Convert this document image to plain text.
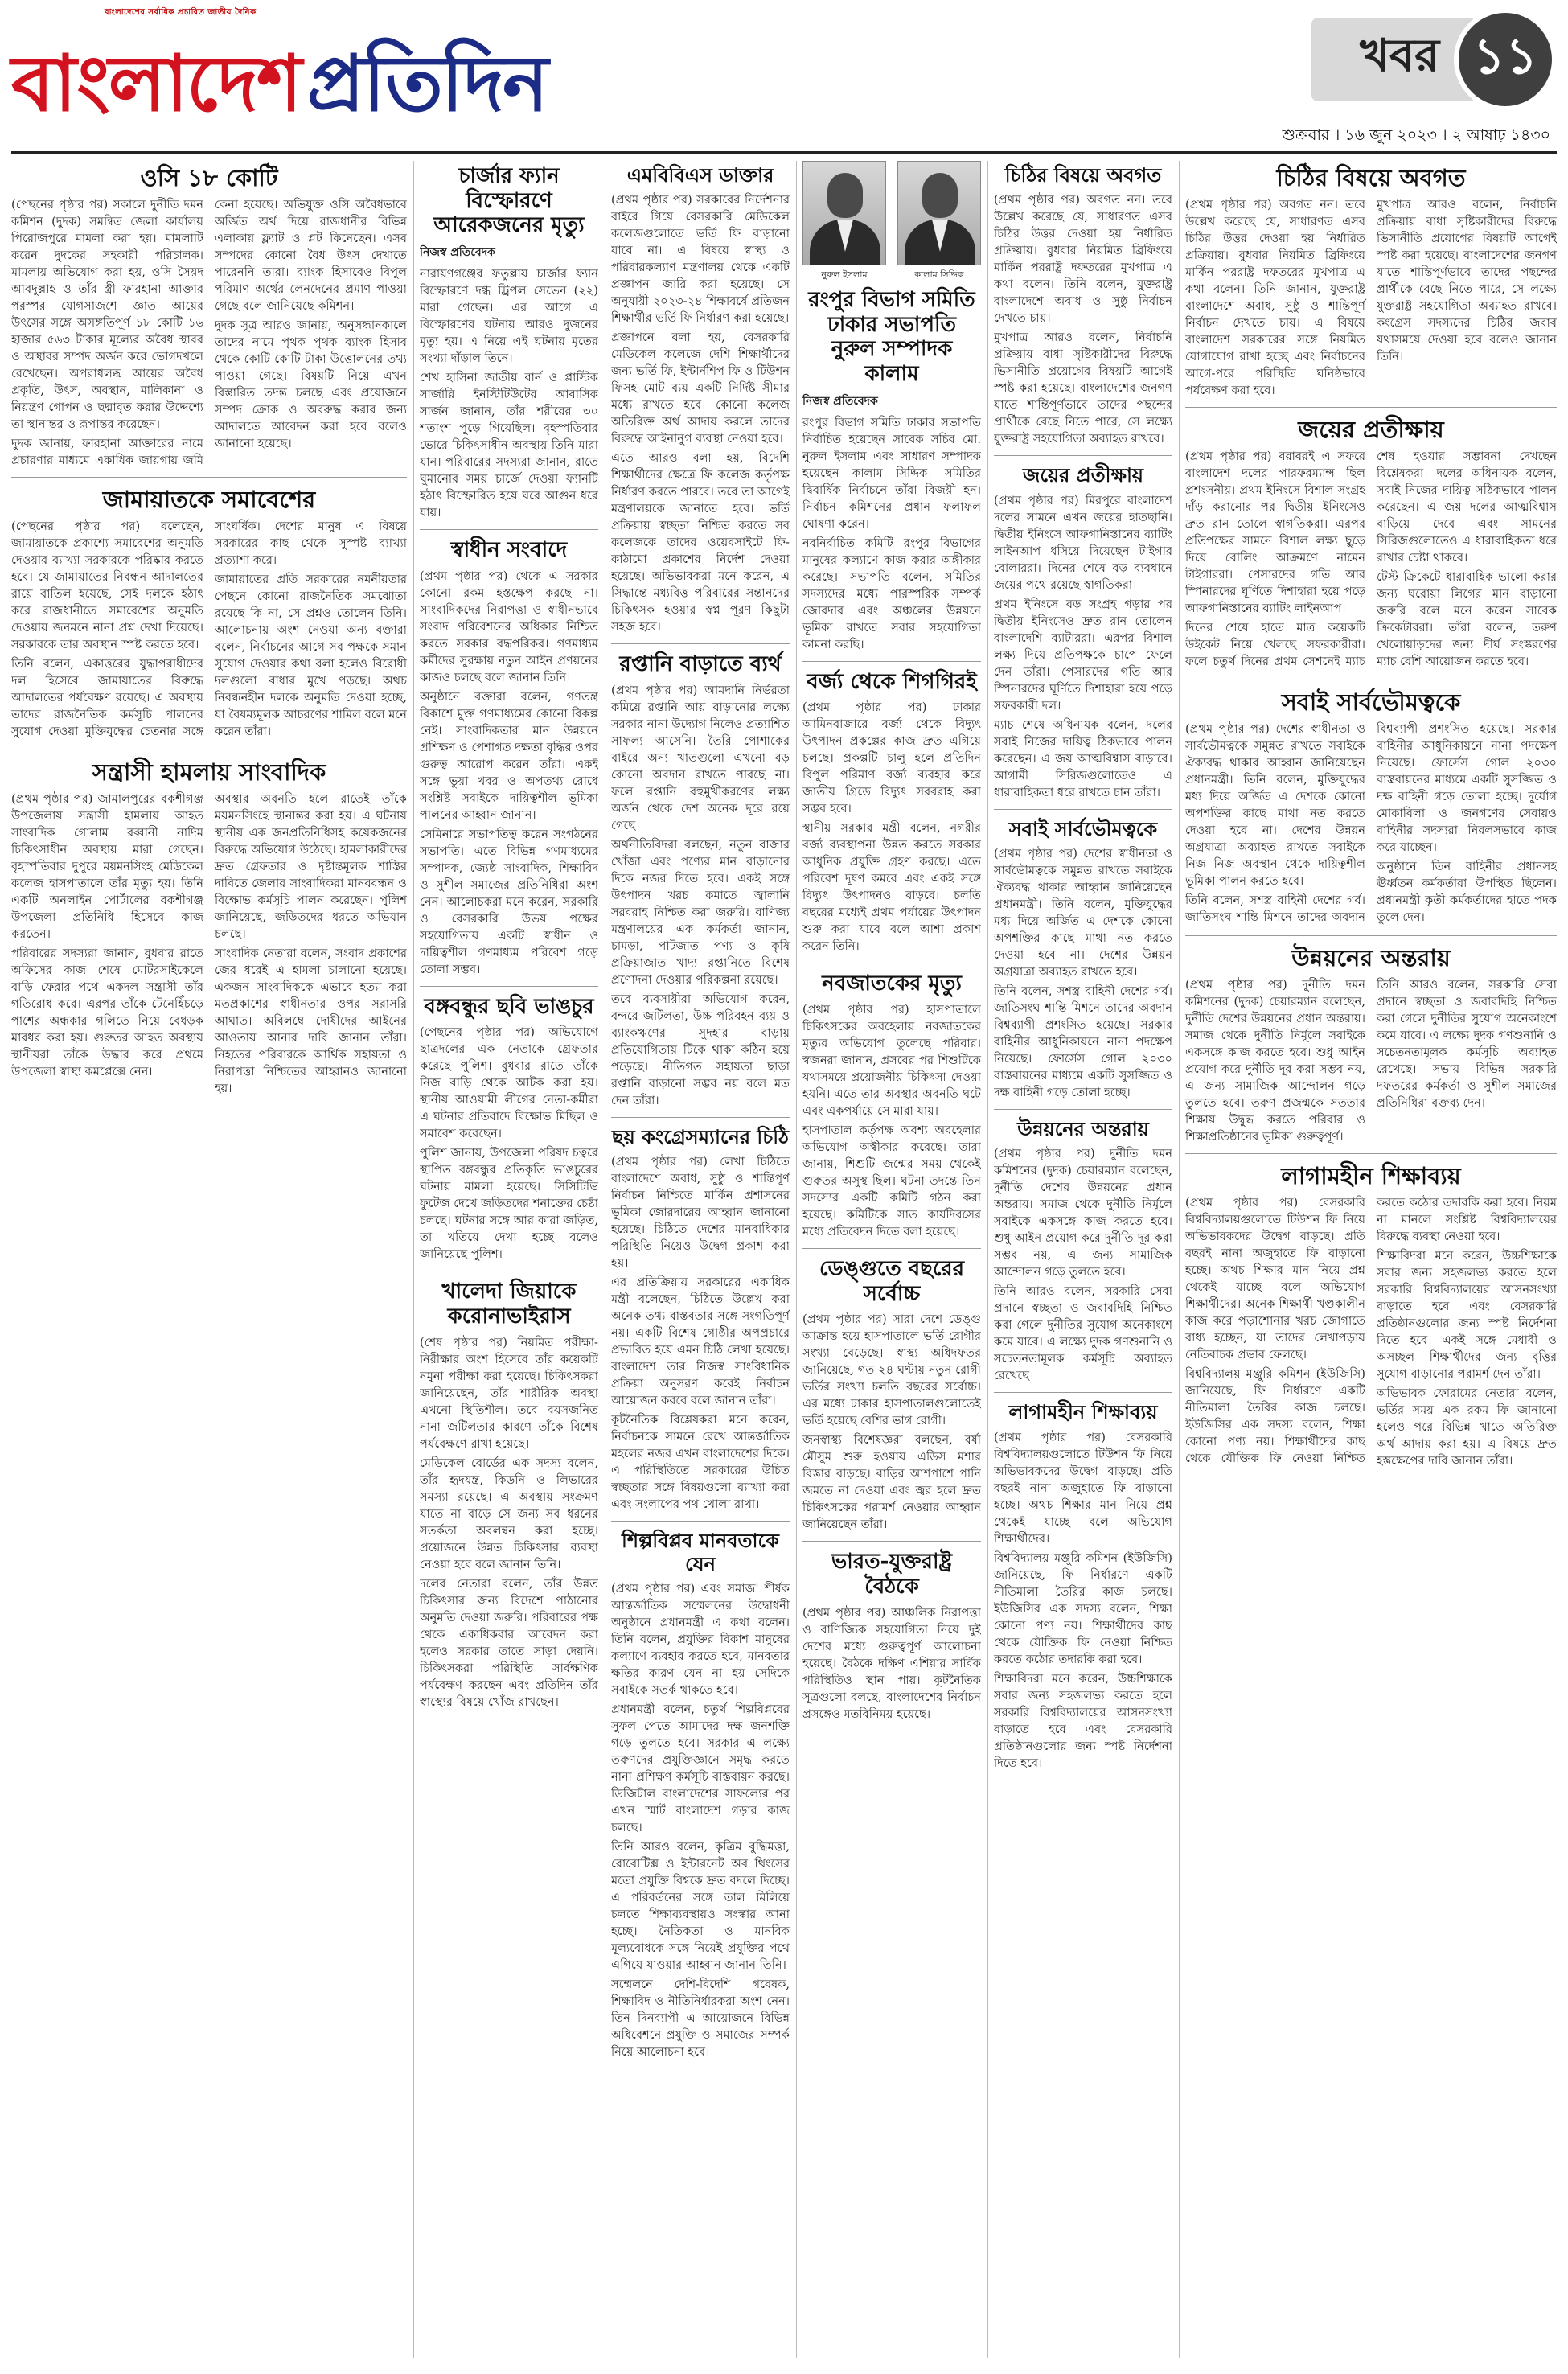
বাংলাদেশের সর্বাধিক প্রচারিত জাতীয় দৈনিক
বাংলাদেশ প্রতিদিন	খবর ১১
শুক্রবার । ১৬ জুন ২০২৩ । ২ আষাঢ় ১৪৩০
ওসি ১৮ কোটি

(পেছনের পৃষ্ঠার পর) সকালে দুর্নীতি দমন কমিশন (দুদক) সমন্বিত জেলা কার্যালয় পিরোজপুরে মামলা করা হয়। মামলাটি করেন দুদকের সহকারী পরিচালক। মামলায় অভিযোগ করা হয়, ওসি সৈয়দ আবদুল্লাহ ও তাঁর স্ত্রী ফারহানা আক্তার পরস্পর যোগসাজশে জ্ঞাত আয়ের উৎসের সঙ্গে অসঙ্গতিপূর্ণ ১৮ কোটি ১৬ হাজার ৫৬৩ টাকার মূল্যের অবৈধ স্থাবর ও অস্থাবর সম্পদ অর্জন করে ভোগদখলে রেখেছেন। অপরাধলব্ধ আয়ের অবৈধ প্রকৃতি, উৎস, অবস্থান, মালিকানা ও নিয়ন্ত্রণ গোপন ও ছদ্মাবৃত করার উদ্দেশ্যে তা স্থানান্তর ও রূপান্তর করেছেন।

দুদক জানায়, ফারহানা আক্তারের নামে প্রচারণার মাধ্যমে একাধিক জায়গায় জমি কেনা হয়েছে। অভিযুক্ত ওসি অবৈধভাবে অর্জিত অর্থ দিয়ে রাজধানীর বিভিন্ন এলাকায় ফ্ল্যাট ও প্লট কিনেছেন। এসব সম্পদের কোনো বৈধ উৎস দেখাতে পারেননি তারা। ব্যাংক হিসাবেও বিপুল পরিমাণ অর্থের লেনদেনের প্রমাণ পাওয়া গেছে বলে জানিয়েছে কমিশন।

দুদক সূত্র আরও জানায়, অনুসন্ধানকালে তাদের নামে পৃথক পৃথক ব্যাংক হিসাব থেকে কোটি কোটি টাকা উত্তোলনের তথ্য পাওয়া গেছে। বিষয়টি নিয়ে এখন বিস্তারিত তদন্ত চলছে এবং প্রয়োজনে সম্পদ ক্রোক ও অবরুদ্ধ করার জন্য আদালতে আবেদন করা হবে বলেও জানানো হয়েছে।

জামায়াতকে সমাবেশের

(পেছনের পৃষ্ঠার পর) বলেছেন, জামায়াতকে প্রকাশ্যে সমাবেশের অনুমতি দেওয়ার ব্যাখ্যা সরকারকে পরিষ্কার করতে হবে। যে জামায়াতের নিবন্ধন আদালতের রায়ে বাতিল হয়েছে, সেই দলকে হঠাৎ করে রাজধানীতে সমাবেশের অনুমতি দেওয়ায় জনমনে নানা প্রশ্ন দেখা দিয়েছে। সরকারকে তার অবস্থান স্পষ্ট করতে হবে।

তিনি বলেন, একাত্তরের যুদ্ধাপরাধীদের দল হিসেবে জামায়াতের বিরুদ্ধে আদালতের পর্যবেক্ষণ রয়েছে। এ অবস্থায় তাদের রাজনৈতিক কর্মসূচি পালনের সুযোগ দেওয়া মুক্তিযুদ্ধের চেতনার সঙ্গে সাংঘর্ষিক। দেশের মানুষ এ বিষয়ে সরকারের কাছ থেকে সুস্পষ্ট ব্যাখ্যা প্রত্যাশা করে।

জামায়াতের প্রতি সরকারের নমনীয়তার পেছনে কোনো রাজনৈতিক সমঝোতা রয়েছে কি না, সে প্রশ্নও তোলেন তিনি। আলোচনায় অংশ নেওয়া অন্য বক্তারা বলেন, নির্বাচনের আগে সব পক্ষকে সমান সুযোগ দেওয়ার কথা বলা হলেও বিরোধী দলগুলো বাধার মুখে পড়ছে। অথচ নিবন্ধনহীন দলকে অনুমতি দেওয়া হচ্ছে, যা বৈষম্যমূলক আচরণের শামিল বলে মনে করেন তাঁরা।

সন্ত্রাসী হামলায় সাংবাদিক

(প্রথম পৃষ্ঠার পর) জামালপুরের বকশীগঞ্জ উপজেলায় সন্ত্রাসী হামলায় আহত সাংবাদিক গোলাম রব্বানী নাদিম চিকিৎসাধীন অবস্থায় মারা গেছেন। বৃহস্পতিবার দুপুরে ময়মনসিংহ মেডিকেল কলেজ হাসপাতালে তাঁর মৃত্যু হয়। তিনি একটি অনলাইন পোর্টালের বকশীগঞ্জ উপজেলা প্রতিনিধি হিসেবে কাজ করতেন।

পরিবারের সদস্যরা জানান, বুধবার রাতে অফিসের কাজ শেষে মোটরসাইকেলে বাড়ি ফেরার পথে একদল সন্ত্রাসী তাঁর গতিরোধ করে। এরপর তাঁকে টেনেহিঁচড়ে পাশের অন্ধকার গলিতে নিয়ে বেধড়ক মারধর করা হয়। গুরুতর আহত অবস্থায় স্থানীয়রা তাঁকে উদ্ধার করে প্রথমে উপজেলা স্বাস্থ্য কমপ্লেক্সে নেন।

অবস্থার অবনতি হলে রাতেই তাঁকে ময়মনসিংহে স্থানান্তর করা হয়। এ ঘটনায় স্থানীয় এক জনপ্রতিনিধিসহ কয়েকজনের বিরুদ্ধে অভিযোগ উঠেছে। হামলাকারীদের দ্রুত গ্রেফতার ও দৃষ্টান্তমূলক শাস্তির দাবিতে জেলার সাংবাদিকরা মানববন্ধন ও বিক্ষোভ কর্মসূচি পালন করেছেন। পুলিশ জানিয়েছে, জড়িতদের ধরতে অভিযান চলছে।

সাংবাদিক নেতারা বলেন, সংবাদ প্রকাশের জের ধরেই এ হামলা চালানো হয়েছে। একজন সাংবাদিককে এভাবে হত্যা করা মতপ্রকাশের স্বাধীনতার ওপর সরাসরি আঘাত। অবিলম্বে দোষীদের আইনের আওতায় আনার দাবি জানান তাঁরা। নিহতের পরিবারকে আর্থিক সহায়তা ও নিরাপত্তা নিশ্চিতের আহ্বানও জানানো হয়।

চার্জার ফ্যান বিস্ফোরণে আরেকজনের মৃত্যু
নিজস্ব প্রতিবেদক

নারায়ণগঞ্জের ফতুল্লায় চার্জার ফ্যান বিস্ফোরণে দগ্ধ ট্রিপল সেভেন (২২) মারা গেছেন। এর আগে এ বিস্ফোরণের ঘটনায় আরও দুজনের মৃত্যু হয়। এ নিয়ে এই ঘটনায় মৃতের সংখ্যা দাঁড়াল তিনে।

শেখ হাসিনা জাতীয় বার্ন ও প্লাস্টিক সার্জারি ইনস্টিটিউটের আবাসিক সার্জন জানান, তাঁর শরীরের ৩০ শতাংশ পুড়ে গিয়েছিল। বৃহস্পতিবার ভোরে চিকিৎসাধীন অবস্থায় তিনি মারা যান। পরিবারের সদস্যরা জানান, রাতে ঘুমানোর সময় চার্জে দেওয়া ফ্যানটি হঠাৎ বিস্ফোরিত হয়ে ঘরে আগুন ধরে যায়।

স্বাধীন সংবাদে

(প্রথম পৃষ্ঠার পর) থেকে এ সরকার কোনো রকম হস্তক্ষেপ করছে না। সাংবাদিকদের নিরাপত্তা ও স্বাধীনভাবে সংবাদ পরিবেশনের অধিকার নিশ্চিত করতে সরকার বদ্ধপরিকর। গণমাধ্যম কর্মীদের সুরক্ষায় নতুন আইন প্রণয়নের কাজও চলছে বলে জানান তিনি।

অনুষ্ঠানে বক্তারা বলেন, গণতন্ত্র বিকাশে মুক্ত গণমাধ্যমের কোনো বিকল্প নেই। সাংবাদিকতার মান উন্নয়নে প্রশিক্ষণ ও পেশাগত দক্ষতা বৃদ্ধির ওপর গুরুত্ব আরোপ করেন তাঁরা। একই সঙ্গে ভুয়া খবর ও অপতথ্য রোধে সংশ্লিষ্ট সবাইকে দায়িত্বশীল ভূমিকা পালনের আহ্বান জানান।

সেমিনারে সভাপতিত্ব করেন সংগঠনের সভাপতি। এতে বিভিন্ন গণমাধ্যমের সম্পাদক, জ্যেষ্ঠ সাংবাদিক, শিক্ষাবিদ ও সুশীল সমাজের প্রতিনিধিরা অংশ নেন। আলোচকরা মনে করেন, সরকারি ও বেসরকারি উভয় পক্ষের সহযোগিতায় একটি স্বাধীন ও দায়িত্বশীল গণমাধ্যম পরিবেশ গড়ে তোলা সম্ভব।

বঙ্গবন্ধুর ছবি ভাঙচুর

(পেছনের পৃষ্ঠার পর) অভিযোগে ছাত্রদলের এক নেতাকে গ্রেফতার করেছে পুলিশ। বুধবার রাতে তাঁকে নিজ বাড়ি থেকে আটক করা হয়। স্থানীয় আওয়ামী লীগের নেতা-কর্মীরা এ ঘটনার প্রতিবাদে বিক্ষোভ মিছিল ও সমাবেশ করেছেন।

পুলিশ জানায়, উপজেলা পরিষদ চত্বরে স্থাপিত বঙ্গবন্ধুর প্রতিকৃতি ভাঙচুরের ঘটনায় মামলা হয়েছে। সিসিটিভি ফুটেজ দেখে জড়িতদের শনাক্তের চেষ্টা চলছে। ঘটনার সঙ্গে আর কারা জড়িত, তা খতিয়ে দেখা হচ্ছে বলেও জানিয়েছে পুলিশ।

খালেদা জিয়াকে করোনাভাইরাস

(শেষ পৃষ্ঠার পর) নিয়মিত পরীক্ষা-নিরীক্ষার অংশ হিসেবে তাঁর কয়েকটি নমুনা পরীক্ষা করা হয়েছে। চিকিৎসকরা জানিয়েছেন, তাঁর শারীরিক অবস্থা এখনো স্থিতিশীল। তবে বয়সজনিত নানা জটিলতার কারণে তাঁকে বিশেষ পর্যবেক্ষণে রাখা হয়েছে।

মেডিকেল বোর্ডের এক সদস্য বলেন, তাঁর হৃদযন্ত্র, কিডনি ও লিভারের সমস্যা রয়েছে। এ অবস্থায় সংক্রমণ যাতে না বাড়ে সে জন্য সব ধরনের সতর্কতা অবলম্বন করা হচ্ছে। প্রয়োজনে উন্নত চিকিৎসার ব্যবস্থা নেওয়া হবে বলে জানান তিনি।

দলের নেতারা বলেন, তাঁর উন্নত চিকিৎসার জন্য বিদেশে পাঠানোর অনুমতি দেওয়া জরুরি। পরিবারের পক্ষ থেকে একাধিকবার আবেদন করা হলেও সরকার তাতে সাড়া দেয়নি। চিকিৎসকরা পরিস্থিতি সার্বক্ষণিক পর্যবেক্ষণ করছেন এবং প্রতিদিন তাঁর স্বাস্থ্যের বিষয়ে খোঁজ রাখছেন।

এমবিবিএস ডাক্তার

(প্রথম পৃষ্ঠার পর) সরকারের নির্দেশনার বাইরে গিয়ে বেসরকারি মেডিকেল কলেজগুলোতে ভর্তি ফি বাড়ানো যাবে না। এ বিষয়ে স্বাস্থ্য ও পরিবারকল্যাণ মন্ত্রণালয় থেকে একটি প্রজ্ঞাপন জারি করা হয়েছে। সে অনুযায়ী ২০২৩-২৪ শিক্ষাবর্ষে প্রতিজন শিক্ষার্থীর ভর্তি ফি নির্ধারণ করা হয়েছে।

প্রজ্ঞাপনে বলা হয়, বেসরকারি মেডিকেল কলেজে দেশি শিক্ষার্থীদের জন্য ভর্তি ফি, ইন্টার্নশিপ ফি ও টিউশন ফিসহ মোট ব্যয় একটি নির্দিষ্ট সীমার মধ্যে রাখতে হবে। কোনো কলেজ অতিরিক্ত অর্থ আদায় করলে তাদের বিরুদ্ধে আইনানুগ ব্যবস্থা নেওয়া হবে।

এতে আরও বলা হয়, বিদেশি শিক্ষার্থীদের ক্ষেত্রে ফি কলেজ কর্তৃপক্ষ নির্ধারণ করতে পারবে। তবে তা আগেই মন্ত্রণালয়কে জানাতে হবে। ভর্তি প্রক্রিয়ায় স্বচ্ছতা নিশ্চিত করতে সব কলেজকে তাদের ওয়েবসাইটে ফি-কাঠামো প্রকাশের নির্দেশ দেওয়া হয়েছে। অভিভাবকরা মনে করেন, এ সিদ্ধান্তে মধ্যবিত্ত পরিবারের সন্তানদের চিকিৎসক হওয়ার স্বপ্ন পূরণ কিছুটা সহজ হবে।

রপ্তানি বাড়াতে ব্যর্থ

(প্রথম পৃষ্ঠার পর) আমদানি নির্ভরতা কমিয়ে রপ্তানি আয় বাড়ানোর লক্ষ্যে সরকার নানা উদ্যোগ নিলেও প্রত্যাশিত সাফল্য আসেনি। তৈরি পোশাকের বাইরে অন্য খাতগুলো এখনো বড় কোনো অবদান রাখতে পারছে না। ফলে রপ্তানি বহুমুখীকরণের লক্ষ্য অর্জন থেকে দেশ অনেক দূরে রয়ে গেছে।

অর্থনীতিবিদরা বলছেন, নতুন বাজার খোঁজা এবং পণ্যের মান বাড়ানোর দিকে নজর দিতে হবে। একই সঙ্গে উৎপাদন খরচ কমাতে জ্বালানি সরবরাহ নিশ্চিত করা জরুরি। বাণিজ্য মন্ত্রণালয়ের এক কর্মকর্তা জানান, চামড়া, পাটজাত পণ্য ও কৃষি প্রক্রিয়াজাত খাদ্য রপ্তানিতে বিশেষ প্রণোদনা দেওয়ার পরিকল্পনা রয়েছে।

তবে ব্যবসায়ীরা অভিযোগ করেন, বন্দরে জটিলতা, উচ্চ পরিবহন ব্যয় ও ব্যাংকঋণের সুদহার বাড়ায় প্রতিযোগিতায় টিকে থাকা কঠিন হয়ে পড়েছে। নীতিগত সহায়তা ছাড়া রপ্তানি বাড়ানো সম্ভব নয় বলে মত দেন তাঁরা।

ছয় কংগ্রেসম্যানের চিঠি

(প্রথম পৃষ্ঠার পর) লেখা চিঠিতে বাংলাদেশে অবাধ, সুষ্ঠু ও শান্তিপূর্ণ নির্বাচন নিশ্চিতে মার্কিন প্রশাসনের ভূমিকা জোরদারের আহ্বান জানানো হয়েছে। চিঠিতে দেশের মানবাধিকার পরিস্থিতি নিয়েও উদ্বেগ প্রকাশ করা হয়।

এর প্রতিক্রিয়ায় সরকারের একাধিক মন্ত্রী বলেছেন, চিঠিতে উল্লেখ করা অনেক তথ্য বাস্তবতার সঙ্গে সংগতিপূর্ণ নয়। একটি বিশেষ গোষ্ঠীর অপপ্রচারে প্রভাবিত হয়ে এমন চিঠি লেখা হয়েছে। বাংলাদেশ তার নিজস্ব সাংবিধানিক প্রক্রিয়া অনুসরণ করেই নির্বাচন আয়োজন করবে বলে জানান তাঁরা।

কূটনৈতিক বিশ্লেষকরা মনে করেন, নির্বাচনকে সামনে রেখে আন্তর্জাতিক মহলের নজর এখন বাংলাদেশের দিকে। এ পরিস্থিতিতে সরকারের উচিত স্বচ্ছতার সঙ্গে বিষয়গুলো ব্যাখ্যা করা এবং সংলাপের পথ খোলা রাখা।

শিল্পবিপ্লব মানবতাকে যেন

(প্রথম পৃষ্ঠার পর) এবং সমাজ' শীর্ষক আন্তর্জাতিক সম্মেলনের উদ্বোধনী অনুষ্ঠানে প্রধানমন্ত্রী এ কথা বলেন। তিনি বলেন, প্রযুক্তির বিকাশ মানুষের কল্যাণে ব্যবহার করতে হবে, মানবতার ক্ষতির কারণ যেন না হয় সেদিকে সবাইকে সতর্ক থাকতে হবে।

প্রধানমন্ত্রী বলেন, চতুর্থ শিল্পবিপ্লবের সুফল পেতে আমাদের দক্ষ জনশক্তি গড়ে তুলতে হবে। সরকার এ লক্ষ্যে তরুণদের প্রযুক্তিজ্ঞানে সমৃদ্ধ করতে নানা প্রশিক্ষণ কর্মসূচি বাস্তবায়ন করছে। ডিজিটাল বাংলাদেশের সাফল্যের পর এখন স্মার্ট বাংলাদেশ গড়ার কাজ চলছে।

তিনি আরও বলেন, কৃত্রিম বুদ্ধিমত্তা, রোবোটিক্স ও ইন্টারনেট অব থিংসের মতো প্রযুক্তি বিশ্বকে দ্রুত বদলে দিচ্ছে। এ পরিবর্তনের সঙ্গে তাল মিলিয়ে চলতে শিক্ষাব্যবস্থায়ও সংস্কার আনা হচ্ছে। নৈতিকতা ও মানবিক মূল্যবোধকে সঙ্গে নিয়েই প্রযুক্তির পথে এগিয়ে যাওয়ার আহ্বান জানান তিনি।

সম্মেলনে দেশি-বিদেশি গবেষক, শিক্ষাবিদ ও নীতিনির্ধারকরা অংশ নেন। তিন দিনব্যাপী এ আয়োজনে বিভিন্ন অধিবেশনে প্রযুক্তি ও সমাজের সম্পর্ক নিয়ে আলোচনা হবে।

নুরুল ইসলাম	কালাম সিদ্দিক
রংপুর বিভাগ সমিতি ঢাকার সভাপতি নুরুল সম্পাদক কালাম
নিজস্ব প্রতিবেদক

রংপুর বিভাগ সমিতি ঢাকার সভাপতি নির্বাচিত হয়েছেন সাবেক সচিব মো. নুরুল ইসলাম এবং সাধারণ সম্পাদক হয়েছেন কালাম সিদ্দিক। সমিতির দ্বিবার্ষিক নির্বাচনে তাঁরা বিজয়ী হন। নির্বাচন কমিশনের প্রধান ফলাফল ঘোষণা করেন।

নবনির্বাচিত কমিটি রংপুর বিভাগের মানুষের কল্যাণে কাজ করার অঙ্গীকার করেছে। সভাপতি বলেন, সমিতির সদস্যদের মধ্যে পারস্পরিক সম্পর্ক জোরদার এবং অঞ্চলের উন্নয়নে ভূমিকা রাখতে সবার সহযোগিতা কামনা করছি।

বর্জ্য থেকে শিগগিরই

(প্রথম পৃষ্ঠার পর) ঢাকার আমিনবাজারে বর্জ্য থেকে বিদ্যুৎ উৎপাদন প্রকল্পের কাজ দ্রুত এগিয়ে চলছে। প্রকল্পটি চালু হলে প্রতিদিন বিপুল পরিমাণ বর্জ্য ব্যবহার করে জাতীয় গ্রিডে বিদ্যুৎ সরবরাহ করা সম্ভব হবে।

স্থানীয় সরকার মন্ত্রী বলেন, নগরীর বর্জ্য ব্যবস্থাপনা উন্নত করতে সরকার আধুনিক প্রযুক্তি গ্রহণ করছে। এতে পরিবেশ দূষণ কমবে এবং একই সঙ্গে বিদ্যুৎ উৎপাদনও বাড়বে। চলতি বছরের মধ্যেই প্রথম পর্যায়ের উৎপাদন শুরু করা যাবে বলে আশা প্রকাশ করেন তিনি।

নবজাতকের মৃত্যু

(প্রথম পৃষ্ঠার পর) হাসপাতালে চিকিৎসকের অবহেলায় নবজাতকের মৃত্যুর অভিযোগ তুলেছে পরিবার। স্বজনরা জানান, প্রসবের পর শিশুটিকে যথাসময়ে প্রয়োজনীয় চিকিৎসা দেওয়া হয়নি। এতে তার অবস্থার অবনতি ঘটে এবং একপর্যায়ে সে মারা যায়।

হাসপাতাল কর্তৃপক্ষ অবশ্য অবহেলার অভিযোগ অস্বীকার করেছে। তারা জানায়, শিশুটি জন্মের সময় থেকেই গুরুতর অসুস্থ ছিল। ঘটনা তদন্তে তিন সদস্যের একটি কমিটি গঠন করা হয়েছে। কমিটিকে সাত কার্যদিবসের মধ্যে প্রতিবেদন দিতে বলা হয়েছে।

ডেঙ্গুতে বছরের সর্বোচ্চ

(প্রথম পৃষ্ঠার পর) সারা দেশে ডেঙ্গু আক্রান্ত হয়ে হাসপাতালে ভর্তি রোগীর সংখ্যা বেড়েছে। স্বাস্থ্য অধিদফতর জানিয়েছে, গত ২৪ ঘণ্টায় নতুন রোগী ভর্তির সংখ্যা চলতি বছরের সর্বোচ্চ। এর মধ্যে ঢাকার হাসপাতালগুলোতেই ভর্তি হয়েছে বেশির ভাগ রোগী।

জনস্বাস্থ্য বিশেষজ্ঞরা বলছেন, বর্ষা মৌসুম শুরু হওয়ায় এডিস মশার বিস্তার বাড়ছে। বাড়ির আশপাশে পানি জমতে না দেওয়া এবং জ্বর হলে দ্রুত চিকিৎসকের পরামর্শ নেওয়ার আহ্বান জানিয়েছেন তাঁরা।

ভারত-যুক্তরাষ্ট্র বৈঠকে

(প্রথম পৃষ্ঠার পর) আঞ্চলিক নিরাপত্তা ও বাণিজ্যিক সহযোগিতা নিয়ে দুই দেশের মধ্যে গুরুত্বপূর্ণ আলোচনা হয়েছে। বৈঠকে দক্ষিণ এশিয়ার সার্বিক পরিস্থিতিও স্থান পায়। কূটনৈতিক সূত্রগুলো বলছে, বাংলাদেশের নির্বাচন প্রসঙ্গেও মতবিনিময় হয়েছে।

চিঠির বিষয়ে অবগত

(প্রথম পৃষ্ঠার পর) অবগত নন। তবে উল্লেখ করেছে যে, সাধারণত এসব চিঠির উত্তর দেওয়া হয় নির্ধারিত প্রক্রিয়ায়। বুধবার নিয়মিত ব্রিফিংয়ে মার্কিন পররাষ্ট্র দফতরের মুখপাত্র এ কথা বলেন। তিনি বলেন, যুক্তরাষ্ট্র বাংলাদেশে অবাধ ও সুষ্ঠু নির্বাচন দেখতে চায়।

মুখপাত্র আরও বলেন, নির্বাচনি প্রক্রিয়ায় বাধা সৃষ্টিকারীদের বিরুদ্ধে ভিসানীতি প্রয়োগের বিষয়টি আগেই স্পষ্ট করা হয়েছে। বাংলাদেশের জনগণ যাতে শান্তিপূর্ণভাবে তাদের পছন্দের প্রার্থীকে বেছে নিতে পারে, সে লক্ষ্যে যুক্তরাষ্ট্র সহযোগিতা অব্যাহত রাখবে।

জয়ের প্রতীক্ষায়

(প্রথম পৃষ্ঠার পর) মিরপুরে বাংলাদেশ দলের সামনে এখন জয়ের হাতছানি। দ্বিতীয় ইনিংসে আফগানিস্তানের ব্যাটিং লাইনআপ ধসিয়ে দিয়েছেন টাইগার বোলাররা। দিনের শেষে বড় ব্যবধানে জয়ের পথে রয়েছে স্বাগতিকরা।

প্রথম ইনিংসে বড় সংগ্রহ গড়ার পর দ্বিতীয় ইনিংসেও দ্রুত রান তোলেন বাংলাদেশি ব্যাটাররা। এরপর বিশাল লক্ষ্য দিয়ে প্রতিপক্ষকে চাপে ফেলে দেন তাঁরা। পেসারদের গতি আর স্পিনারদের ঘূর্ণিতে দিশাহারা হয়ে পড়ে সফরকারী দল।

ম্যাচ শেষে অধিনায়ক বলেন, দলের সবাই নিজের দায়িত্ব ঠিকভাবে পালন করেছেন। এ জয় আত্মবিশ্বাস বাড়াবে। আগামী সিরিজগুলোতেও এ ধারাবাহিকতা ধরে রাখতে চান তাঁরা।

সবাই সার্বভৌমত্বকে

(প্রথম পৃষ্ঠার পর) দেশের স্বাধীনতা ও সার্বভৌমত্বকে সমুন্নত রাখতে সবাইকে ঐক্যবদ্ধ থাকার আহ্বান জানিয়েছেন প্রধানমন্ত্রী। তিনি বলেন, মুক্তিযুদ্ধের মধ্য দিয়ে অর্জিত এ দেশকে কোনো অপশক্তির কাছে মাথা নত করতে দেওয়া হবে না। দেশের উন্নয়ন অগ্রযাত্রা অব্যাহত রাখতে হবে।

তিনি বলেন, সশস্ত্র বাহিনী দেশের গর্ব। জাতিসংঘ শান্তি মিশনে তাদের অবদান বিশ্বব্যাপী প্রশংসিত হয়েছে। সরকার বাহিনীর আধুনিকায়নে নানা পদক্ষেপ নিয়েছে। ফোর্সেস গোল ২০৩০ বাস্তবায়নের মাধ্যমে একটি সুসজ্জিত ও দক্ষ বাহিনী গড়ে তোলা হচ্ছে।

উন্নয়নের অন্তরায়

(প্রথম পৃষ্ঠার পর) দুর্নীতি দমন কমিশনের (দুদক) চেয়ারম্যান বলেছেন, দুর্নীতি দেশের উন্নয়নের প্রধান অন্তরায়। সমাজ থেকে দুর্নীতি নির্মূলে সবাইকে একসঙ্গে কাজ করতে হবে। শুধু আইন প্রয়োগ করে দুর্নীতি দূর করা সম্ভব নয়, এ জন্য সামাজিক আন্দোলন গড়ে তুলতে হবে।

তিনি আরও বলেন, সরকারি সেবা প্রদানে স্বচ্ছতা ও জবাবদিহি নিশ্চিত করা গেলে দুর্নীতির সুযোগ অনেকাংশে কমে যাবে। এ লক্ষ্যে দুদক গণশুনানি ও সচেতনতামূলক কর্মসূচি অব্যাহত রেখেছে।

লাগামহীন শিক্ষাব্যয়

(প্রথম পৃষ্ঠার পর) বেসরকারি বিশ্ববিদ্যালয়গুলোতে টিউশন ফি নিয়ে অভিভাবকদের উদ্বেগ বাড়ছে। প্রতি বছরই নানা অজুহাতে ফি বাড়ানো হচ্ছে। অথচ শিক্ষার মান নিয়ে প্রশ্ন থেকেই যাচ্ছে বলে অভিযোগ শিক্ষার্থীদের।

বিশ্ববিদ্যালয় মঞ্জুরি কমিশন (ইউজিসি) জানিয়েছে, ফি নির্ধারণে একটি নীতিমালা তৈরির কাজ চলছে। ইউজিসির এক সদস্য বলেন, শিক্ষা কোনো পণ্য নয়। শিক্ষার্থীদের কাছ থেকে যৌক্তিক ফি নেওয়া নিশ্চিত করতে কঠোর তদারকি করা হবে।

শিক্ষাবিদরা মনে করেন, উচ্চশিক্ষাকে সবার জন্য সহজলভ্য করতে হলে সরকারি বিশ্ববিদ্যালয়ের আসনসংখ্যা বাড়াতে হবে এবং বেসরকারি প্রতিষ্ঠানগুলোর জন্য স্পষ্ট নির্দেশনা দিতে হবে।

চিঠির বিষয়ে অবগত

(প্রথম পৃষ্ঠার পর) অবগত নন। তবে উল্লেখ করেছে যে, সাধারণত এসব চিঠির উত্তর দেওয়া হয় নির্ধারিত প্রক্রিয়ায়। বুধবার নিয়মিত ব্রিফিংয়ে মার্কিন পররাষ্ট্র দফতরের মুখপাত্র এ কথা বলেন। তিনি জানান, যুক্তরাষ্ট্র বাংলাদেশে অবাধ, সুষ্ঠু ও শান্তিপূর্ণ নির্বাচন দেখতে চায়। এ বিষয়ে বাংলাদেশ সরকারের সঙ্গে নিয়মিত যোগাযোগ রাখা হচ্ছে এবং নির্বাচনের আগে-পরে পরিস্থিতি ঘনিষ্ঠভাবে পর্যবেক্ষণ করা হবে।

মুখপাত্র আরও বলেন, নির্বাচনি প্রক্রিয়ায় বাধা সৃষ্টিকারীদের বিরুদ্ধে ভিসানীতি প্রয়োগের বিষয়টি আগেই স্পষ্ট করা হয়েছে। বাংলাদেশের জনগণ যাতে শান্তিপূর্ণভাবে তাদের পছন্দের প্রার্থীকে বেছে নিতে পারে, সে লক্ষ্যে যুক্তরাষ্ট্র সহযোগিতা অব্যাহত রাখবে। কংগ্রেস সদস্যদের চিঠির জবাব যথাসময়ে দেওয়া হবে বলেও জানান তিনি।

জয়ের প্রতীক্ষায়

(প্রথম পৃষ্ঠার পর) বরাবরই এ সফরে বাংলাদেশ দলের পারফরম্যান্স ছিল প্রশংসনীয়। প্রথম ইনিংসে বিশাল সংগ্রহ দাঁড় করানোর পর দ্বিতীয় ইনিংসেও দ্রুত রান তোলে স্বাগতিকরা। এরপর প্রতিপক্ষের সামনে বিশাল লক্ষ্য ছুড়ে দিয়ে বোলিং আক্রমণে নামেন টাইগাররা। পেসারদের গতি আর স্পিনারদের ঘূর্ণিতে দিশাহারা হয়ে পড়ে আফগানিস্তানের ব্যাটিং লাইনআপ।

দিনের শেষে হাতে মাত্র কয়েকটি উইকেট নিয়ে খেলছে সফরকারীরা। ফলে চতুর্থ দিনের প্রথম সেশনেই ম্যাচ শেষ হওয়ার সম্ভাবনা দেখছেন বিশ্লেষকরা। দলের অধিনায়ক বলেন, সবাই নিজের দায়িত্ব সঠিকভাবে পালন করেছেন। এ জয় দলের আত্মবিশ্বাস বাড়িয়ে দেবে এবং সামনের সিরিজগুলোতেও এ ধারাবাহিকতা ধরে রাখার চেষ্টা থাকবে।

টেস্ট ক্রিকেটে ধারাবাহিক ভালো করার জন্য ঘরোয়া লিগের মান বাড়ানো জরুরি বলে মনে করেন সাবেক ক্রিকেটাররা। তাঁরা বলেন, তরুণ খেলোয়াড়দের জন্য দীর্ঘ সংস্করণের ম্যাচ বেশি আয়োজন করতে হবে।

সবাই সার্বভৌমত্বকে

(প্রথম পৃষ্ঠার পর) দেশের স্বাধীনতা ও সার্বভৌমত্বকে সমুন্নত রাখতে সবাইকে ঐক্যবদ্ধ থাকার আহ্বান জানিয়েছেন প্রধানমন্ত্রী। তিনি বলেন, মুক্তিযুদ্ধের মধ্য দিয়ে অর্জিত এ দেশকে কোনো অপশক্তির কাছে মাথা নত করতে দেওয়া হবে না। দেশের উন্নয়ন অগ্রযাত্রা অব্যাহত রাখতে সবাইকে নিজ নিজ অবস্থান থেকে দায়িত্বশীল ভূমিকা পালন করতে হবে।

তিনি বলেন, সশস্ত্র বাহিনী দেশের গর্ব। জাতিসংঘ শান্তি মিশনে তাদের অবদান বিশ্বব্যাপী প্রশংসিত হয়েছে। সরকার বাহিনীর আধুনিকায়নে নানা পদক্ষেপ নিয়েছে। ফোর্সেস গোল ২০৩০ বাস্তবায়নের মাধ্যমে একটি সুসজ্জিত ও দক্ষ বাহিনী গড়ে তোলা হচ্ছে। দুর্যোগ মোকাবিলা ও জনগণের সেবায়ও বাহিনীর সদস্যরা নিরলসভাবে কাজ করে যাচ্ছেন।

অনুষ্ঠানে তিন বাহিনীর প্রধানসহ ঊর্ধ্বতন কর্মকর্তারা উপস্থিত ছিলেন। প্রধানমন্ত্রী কৃতী কর্মকর্তাদের হাতে পদক তুলে দেন।

উন্নয়নের অন্তরায়

(প্রথম পৃষ্ঠার পর) দুর্নীতি দমন কমিশনের (দুদক) চেয়ারম্যান বলেছেন, দুর্নীতি দেশের উন্নয়নের প্রধান অন্তরায়। সমাজ থেকে দুর্নীতি নির্মূলে সবাইকে একসঙ্গে কাজ করতে হবে। শুধু আইন প্রয়োগ করে দুর্নীতি দূর করা সম্ভব নয়, এ জন্য সামাজিক আন্দোলন গড়ে তুলতে হবে। তরুণ প্রজন্মকে সততার শিক্ষায় উদ্বুদ্ধ করতে পরিবার ও শিক্ষাপ্রতিষ্ঠানের ভূমিকা গুরুত্বপূর্ণ।

তিনি আরও বলেন, সরকারি সেবা প্রদানে স্বচ্ছতা ও জবাবদিহি নিশ্চিত করা গেলে দুর্নীতির সুযোগ অনেকাংশে কমে যাবে। এ লক্ষ্যে দুদক গণশুনানি ও সচেতনতামূলক কর্মসূচি অব্যাহত রেখেছে। সভায় বিভিন্ন সরকারি দফতরের কর্মকর্তা ও সুশীল সমাজের প্রতিনিধিরা বক্তব্য দেন।

লাগামহীন শিক্ষাব্যয়

(প্রথম পৃষ্ঠার পর) বেসরকারি বিশ্ববিদ্যালয়গুলোতে টিউশন ফি নিয়ে অভিভাবকদের উদ্বেগ বাড়ছে। প্রতি বছরই নানা অজুহাতে ফি বাড়ানো হচ্ছে। অথচ শিক্ষার মান নিয়ে প্রশ্ন থেকেই যাচ্ছে বলে অভিযোগ শিক্ষার্থীদের। অনেক শিক্ষার্থী খণ্ডকালীন কাজ করে পড়াশোনার খরচ জোগাতে বাধ্য হচ্ছেন, যা তাদের লেখাপড়ায় নেতিবাচক প্রভাব ফেলছে।

বিশ্ববিদ্যালয় মঞ্জুরি কমিশন (ইউজিসি) জানিয়েছে, ফি নির্ধারণে একটি নীতিমালা তৈরির কাজ চলছে। ইউজিসির এক সদস্য বলেন, শিক্ষা কোনো পণ্য নয়। শিক্ষার্থীদের কাছ থেকে যৌক্তিক ফি নেওয়া নিশ্চিত করতে কঠোর তদারকি করা হবে। নিয়ম না মানলে সংশ্লিষ্ট বিশ্ববিদ্যালয়ের বিরুদ্ধে ব্যবস্থা নেওয়া হবে।

শিক্ষাবিদরা মনে করেন, উচ্চশিক্ষাকে সবার জন্য সহজলভ্য করতে হলে সরকারি বিশ্ববিদ্যালয়ের আসনসংখ্যা বাড়াতে হবে এবং বেসরকারি প্রতিষ্ঠানগুলোর জন্য স্পষ্ট নির্দেশনা দিতে হবে। একই সঙ্গে মেধাবী ও অসচ্ছল শিক্ষার্থীদের জন্য বৃত্তির সুযোগ বাড়ানোর পরামর্শ দেন তাঁরা।

অভিভাবক ফোরামের নেতারা বলেন, ভর্তির সময় এক রকম ফি জানানো হলেও পরে বিভিন্ন খাতে অতিরিক্ত অর্থ আদায় করা হয়। এ বিষয়ে দ্রুত হস্তক্ষেপের দাবি জানান তাঁরা।
